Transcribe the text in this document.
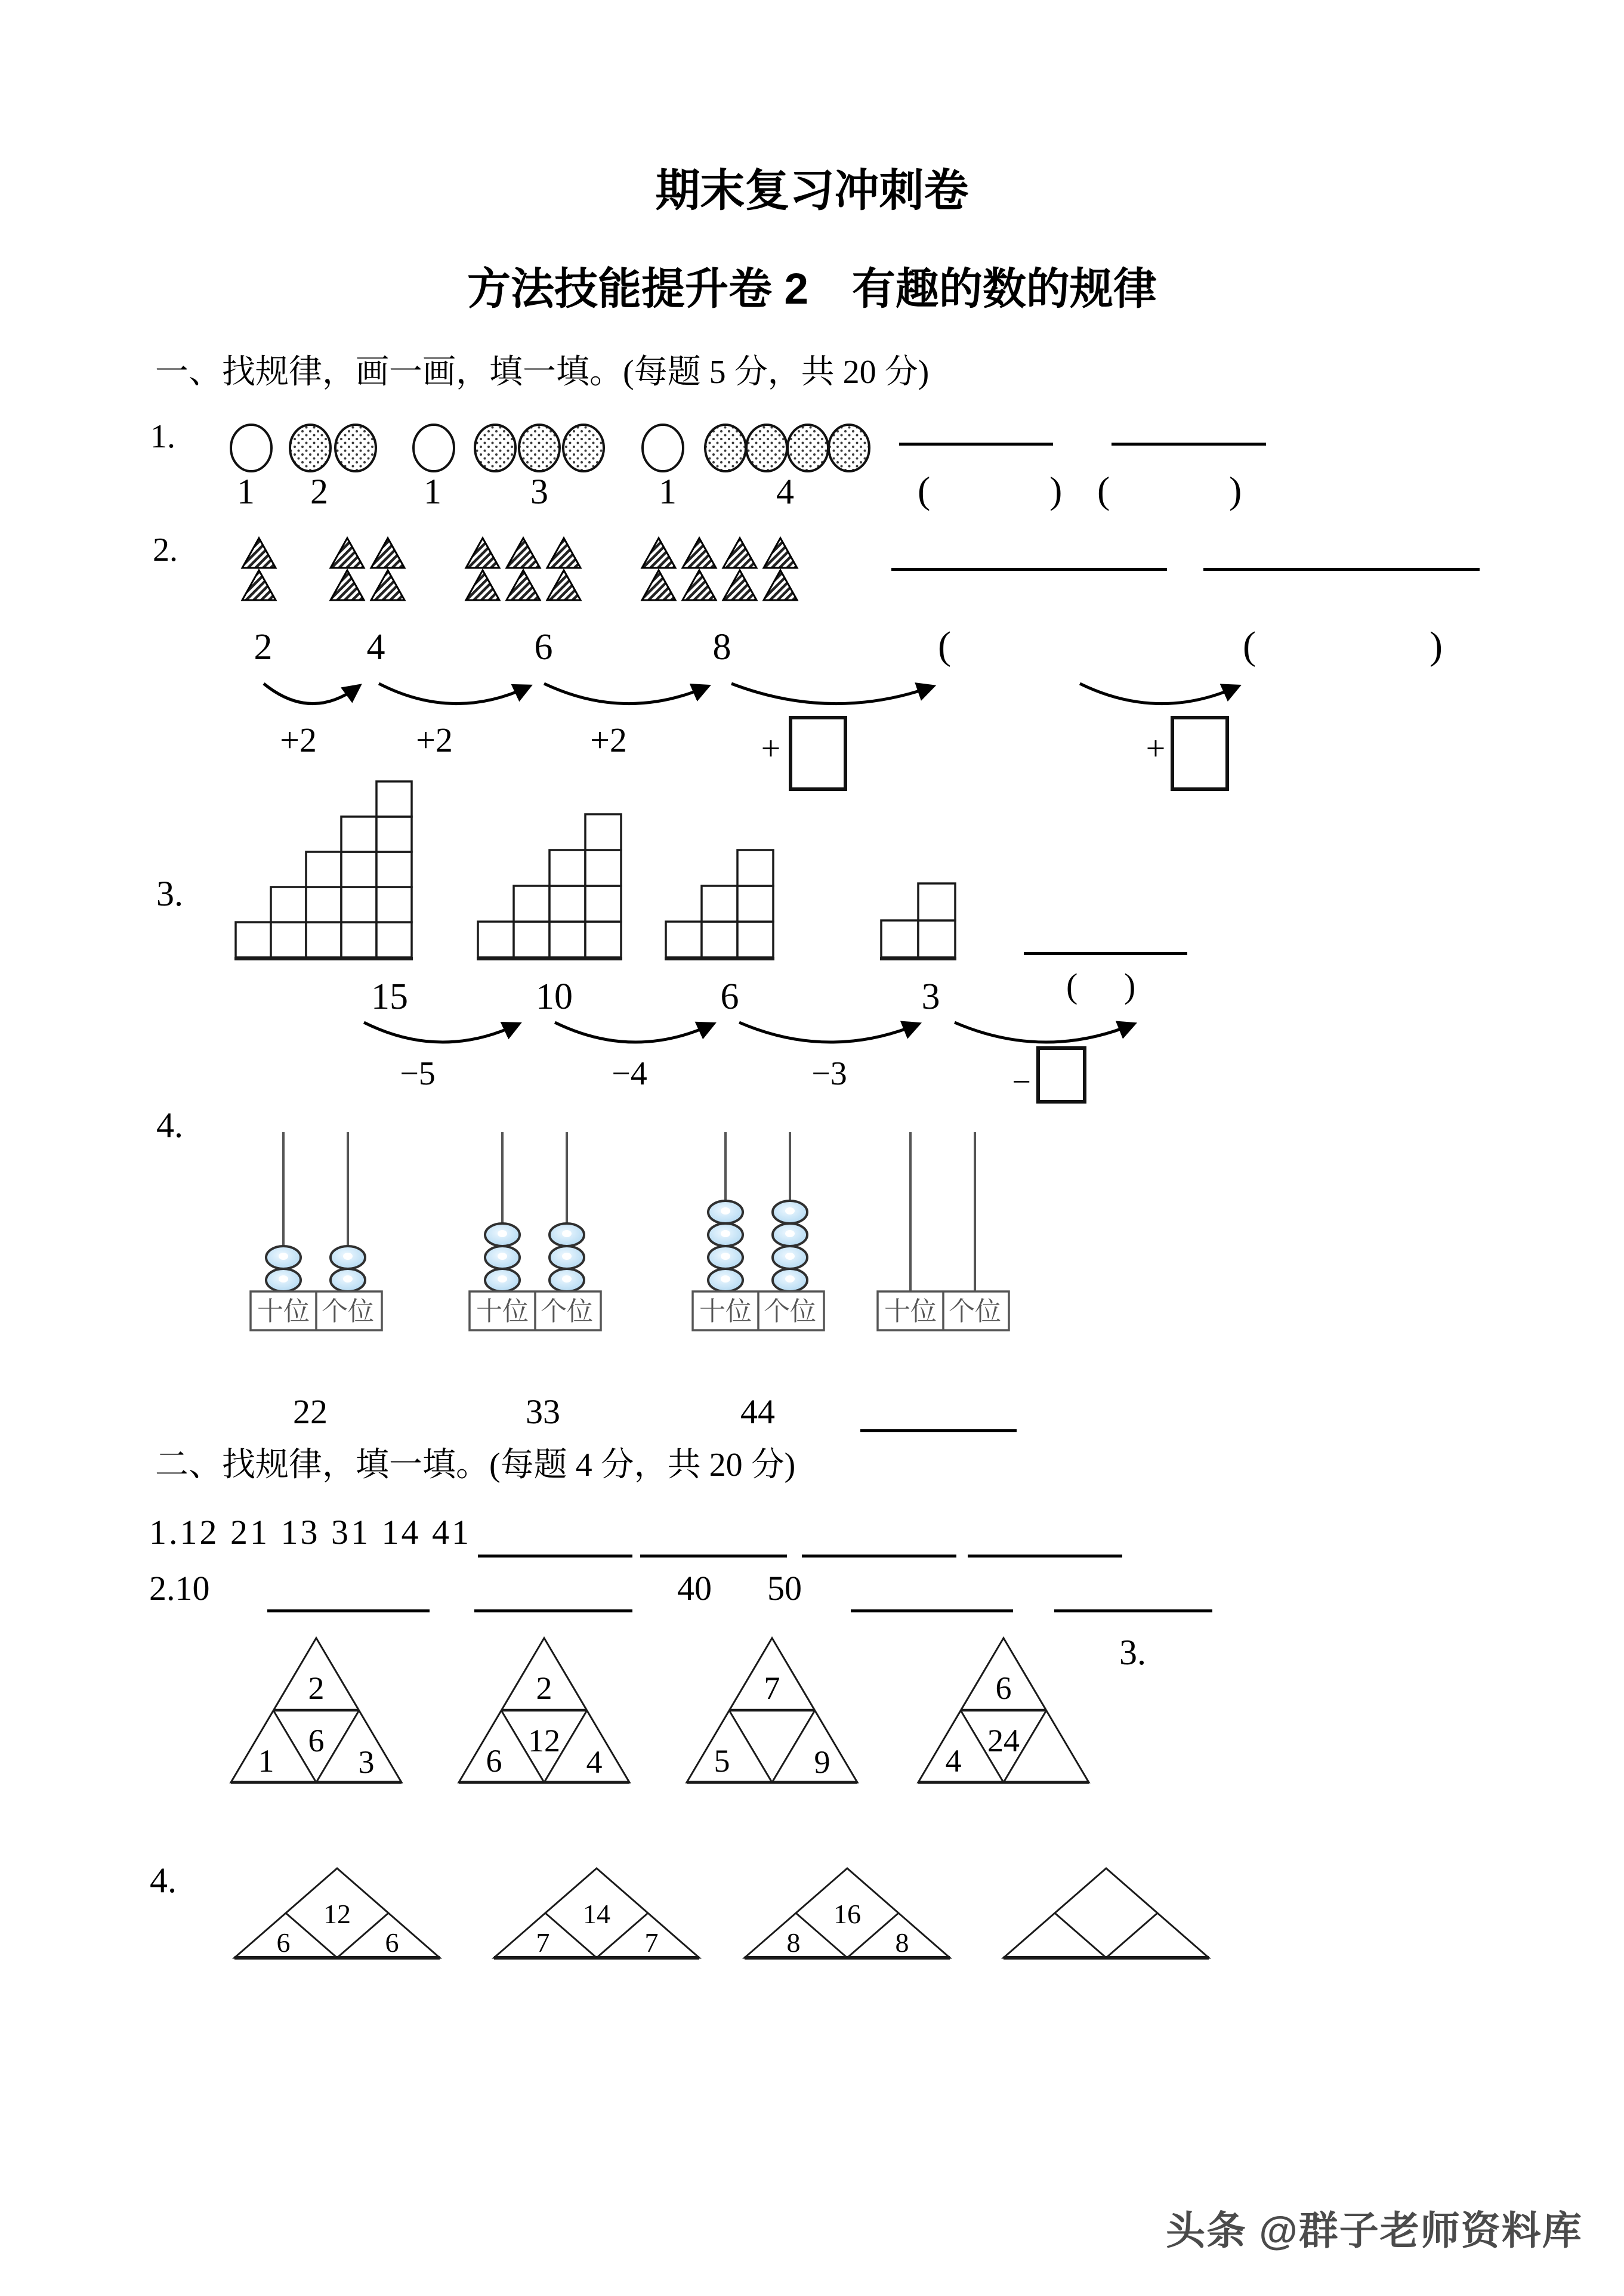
期末复习冲刺卷
方法技能提升卷 2　有趣的数的规律
一、找规律，画一画，填一填。(每题 5 分，共 20 分)
1.
2.
3.
4.
二、找规律，填一填。(每题 4 分，共 20 分)
1.12 21 13 31 14 41
2.10
3.
4.
头条 @群子老师资料库
1 2	1 3	1	4	(	) (	)
2	4	6	8	(	(	)
+2	+2	+2	+	+
( )
15	10	6	3
−5	−4	−3	−
十位 个位	十位 个位	十位 个位	十位 个位
22	33	44
40 50
2
1
6
3
2
6
12
4
7
5	9
6
4
24
12
6	6
14
7	7
16
8	8
